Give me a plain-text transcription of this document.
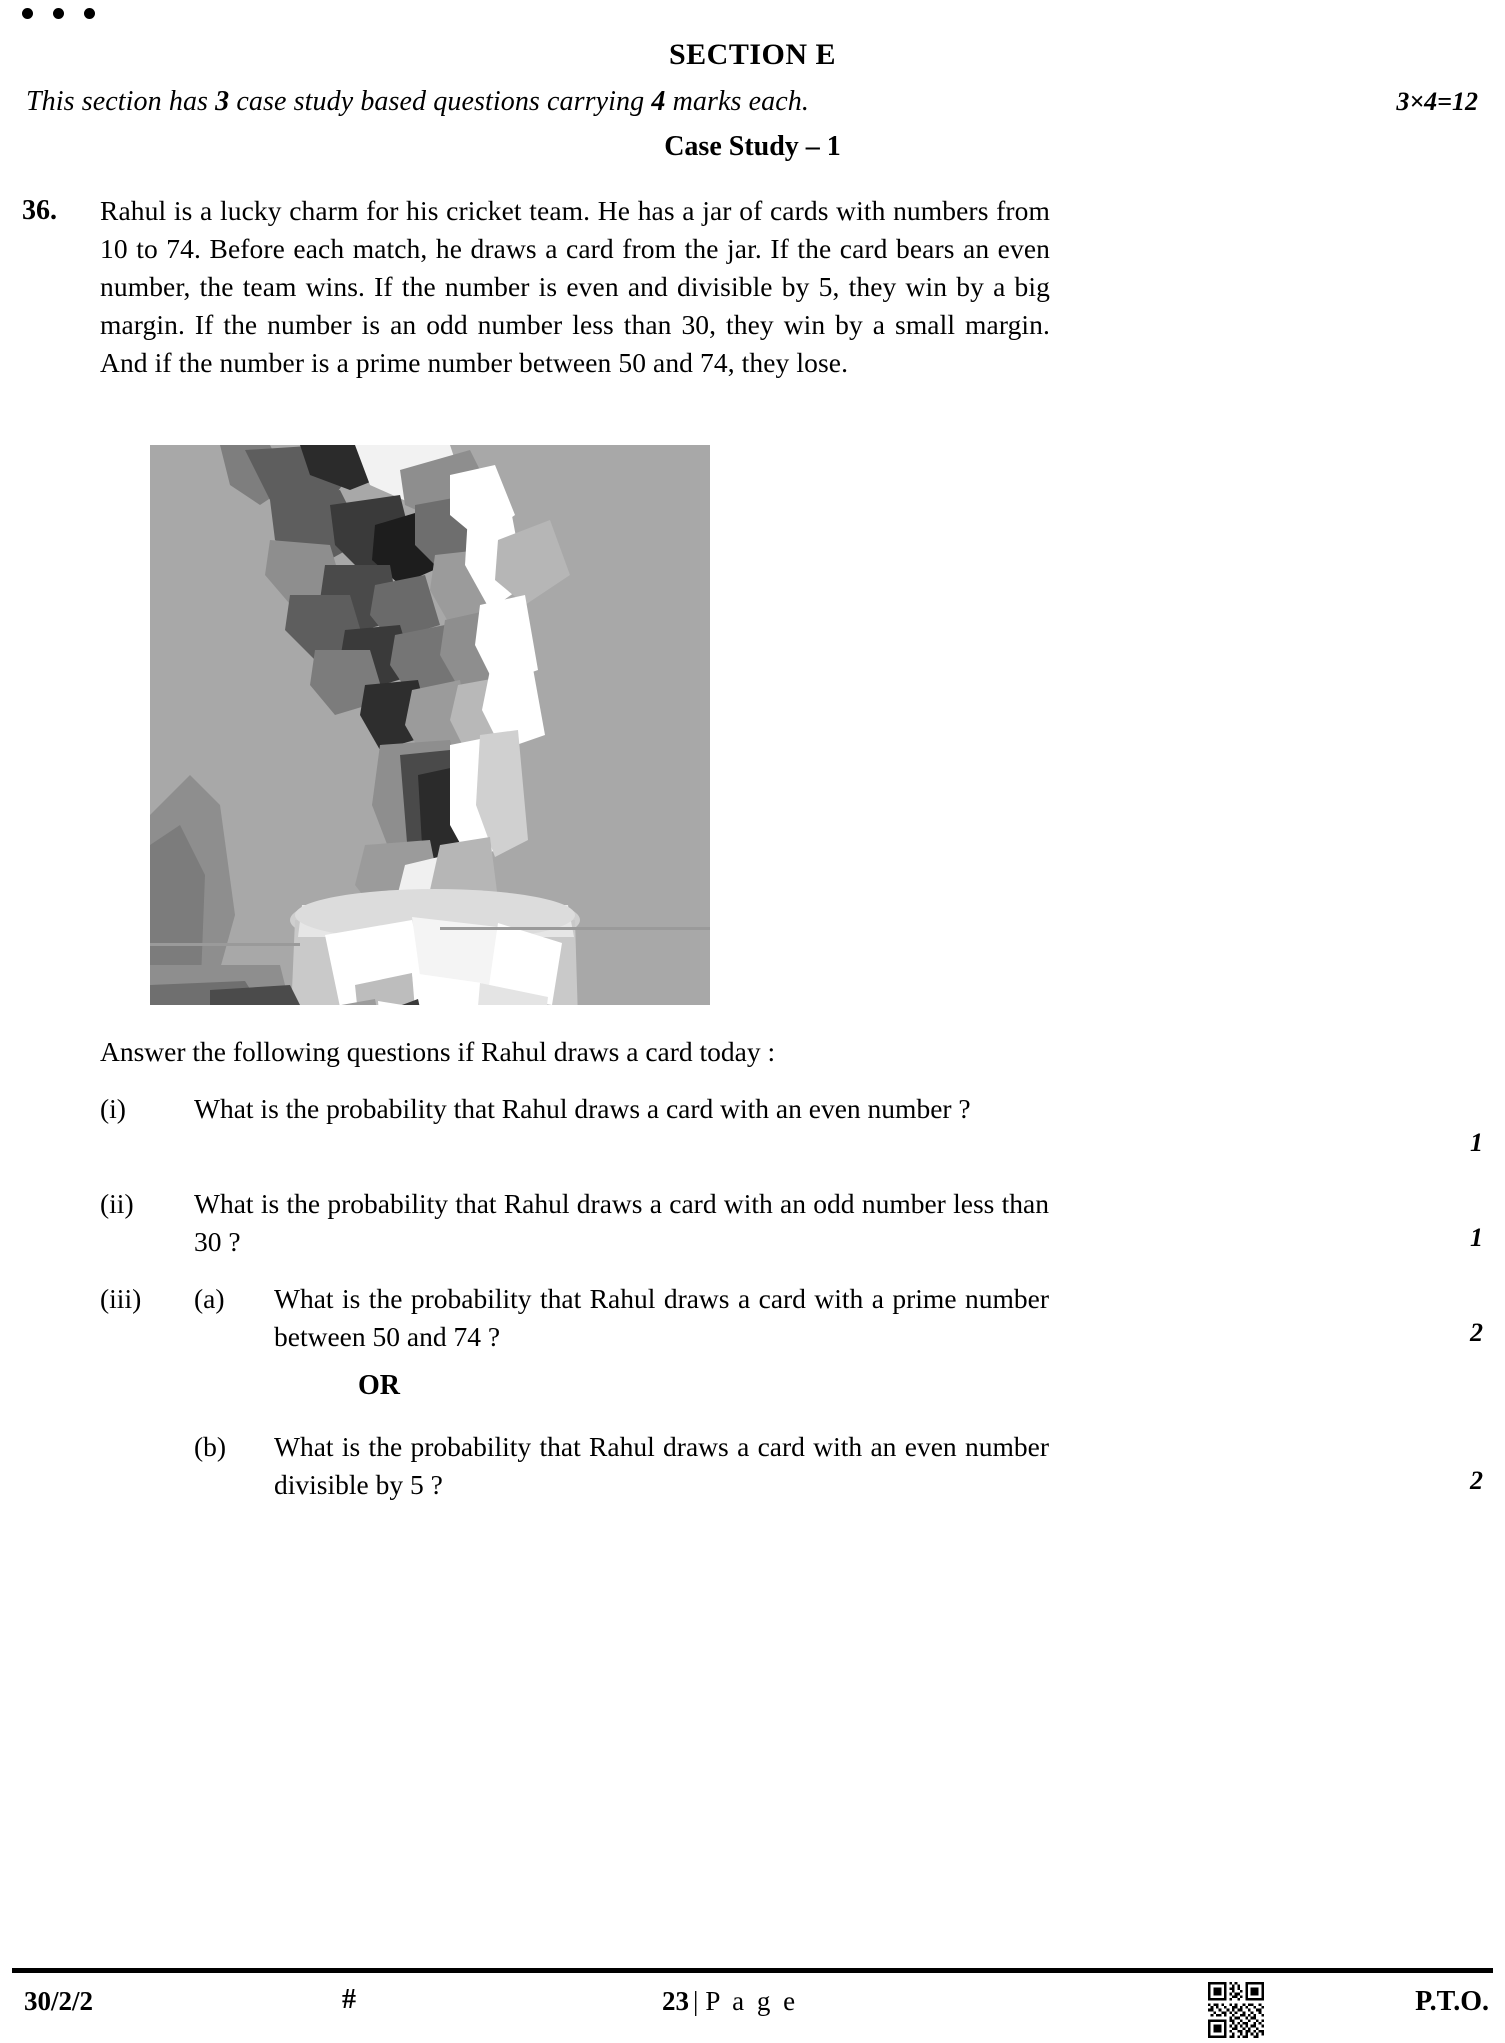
SECTION E
This section has 3 case study based questions carrying 4 marks each.	3×4=12
Case Study – 1
36.	Rahul is a lucky charm for his cricket team. He has a jar of cards with numbers from 10 to 74. Before each match, he draws a card from the jar. If the card bears an even number, the team wins. If the number is even and divisible by 5, they win by a big margin. If the number is an odd number less than 30, they win by a small margin. And if the number is a prime number between 50 and 74, they lose.
Answer the following questions if Rahul draws a card today :
(i)	What is the probability that Rahul draws a card with an even number ?
1
(ii)	What is the probability that Rahul draws a card with an odd number less than 30 ?	1
(iii)	(a)	What is the probability that Rahul draws a card with a prime number between 50 and 74 ?	2
OR
(b)	What is the probability that Rahul draws a card with an even number divisible by 5 ?	2
30/2/2	#	23 | P a g e	P.T.O.
